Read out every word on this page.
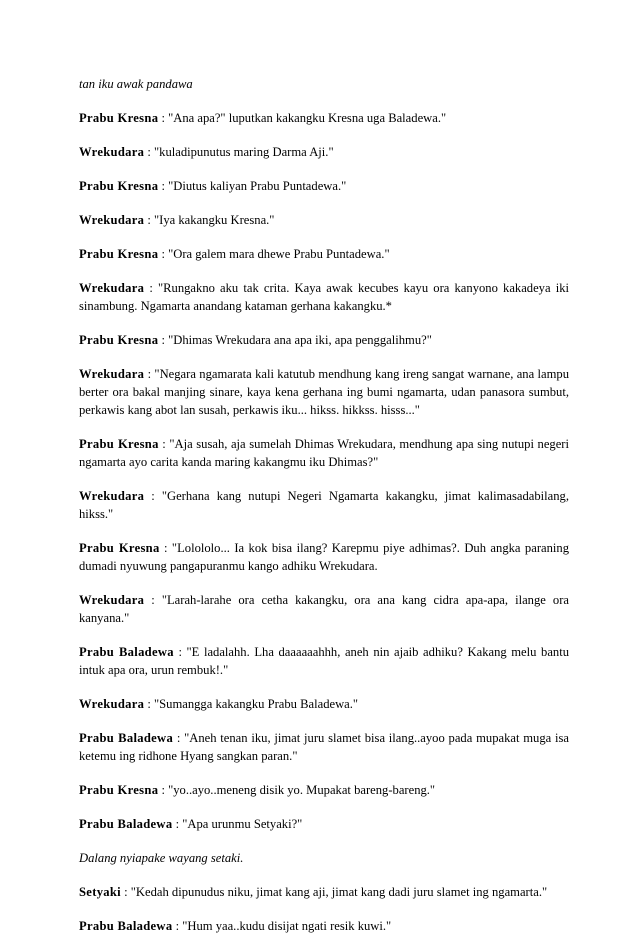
tan iku awak pandawa

Prabu Kresna : "Ana apa?" luputkan kakangku Kresna uga Baladewa."

Wrekudara : "kuladipunutus maring Darma Aji."

Prabu Kresna : "Diutus kaliyan Prabu Puntadewa."

Wrekudara : "Iya kakangku Kresna."

Prabu Kresna : "Ora galem mara dhewe Prabu Puntadewa."

Wrekudara : "Rungakno aku tak crita. Kaya awak kecubes kayu ora kanyono kakadeya iki sinambung. Ngamarta anandang kataman gerhana kakangku.*

Prabu Kresna : "Dhimas Wrekudara ana apa iki, apa penggalihmu?"

Wrekudara : "Negara ngamarata kali katutub mendhung kang ireng sangat warnane, ana lampu berter ora bakal manjing sinare, kaya kena gerhana ing bumi ngamarta, udan panasora sumbut, perkawis kang abot lan susah, perkawis iku... hikss. hikkss. hisss..."

Prabu Kresna : "Aja susah, aja sumelah Dhimas Wrekudara, mendhung apa sing nutupi negeri ngamarta ayo carita kanda maring kakangmu iku Dhimas?"

Wrekudara : "Gerhana kang nutupi Negeri Ngamarta kakangku, jimat kalimasadabilang, hikss."

Prabu Kresna : "Lolololo... Ia kok bisa ilang? Karepmu piye adhimas?. Duh angka paraning dumadi nyuwung pangapuranmu kango adhiku Wrekudara.

Wrekudara : "Larah-larahe ora cetha kakangku, ora ana kang cidra apa-apa, ilange ora kanyana."

Prabu Baladewa : "E ladalahh. Lha daaaaaahhh, aneh nin ajaib adhiku? Kakang melu bantu intuk apa ora, urun rembuk!."

Wrekudara : "Sumangga kakangku Prabu Baladewa."

Prabu Baladewa : "Aneh tenan iku, jimat juru slamet bisa ilang..ayoo pada mupakat muga isa ketemu ing ridhone Hyang sangkan paran."

Prabu Kresna : "yo..ayo..meneng disik yo. Mupakat bareng-bareng."

Prabu Baladewa : "Apa urunmu Setyaki?"

Dalang nyiapake wayang setaki.

Setyaki : "Kedah dipunudus niku, jimat kang aji, jimat kang dadi juru slamet ing ngamarta."

Prabu Baladewa : "Hum yaa..kudu disijat ngati resik kuwi."
